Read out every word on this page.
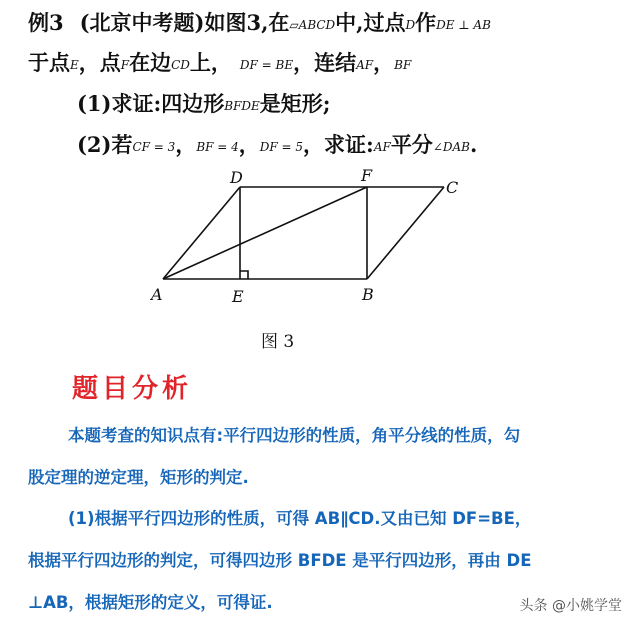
例3 (北京中考题)如图3,在▱ABCD中,过点D作DE ⊥ AB
于点E，点F在边CD上， DF = BE，连结AF，BF
(1)求证:四边形BFDE是矩形;
(2)若CF = 3，BF = 4，DF = 5，求证:AF平分∠DAB.
A	B
C
D
E
F
图 3
题目分析
本题考查的知识点有:平行四边形的性质，角平分线的性质，勾
股定理的逆定理，矩形的判定.
(1)根据平行四边形的性质，可得 AB∥CD.又由已知 DF=BE，
根据平行四边形的判定，可得四边形 BFDE 是平行四边形，再由 DE
⊥AB，根据矩形的定义，可得证.	头条 @小姚学堂
